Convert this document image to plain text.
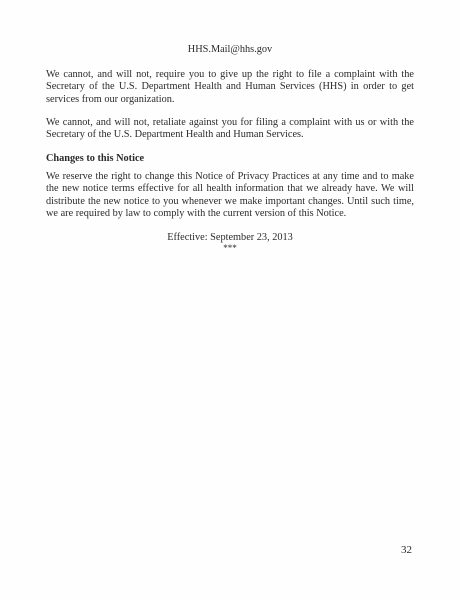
HHS.Mail@hhs.gov

We cannot, and will not, require you to give up the right to file a complaint with the Secretary of the U.S. Department Health and Human Services (HHS) in order to get services from our organization.

We cannot, and will not, retaliate against you for filing a complaint with us or with the Secretary of the U.S. Department Health and Human Services.

Changes to this Notice

We reserve the right to change this Notice of Privacy Practices at any time and to make the new notice terms effective for all health information that we already have. We will distribute the new notice to you whenever we make important changes. Until such time, we are required by law to comply with the current version of this Notice.

Effective: September 23, 2013
***
32
